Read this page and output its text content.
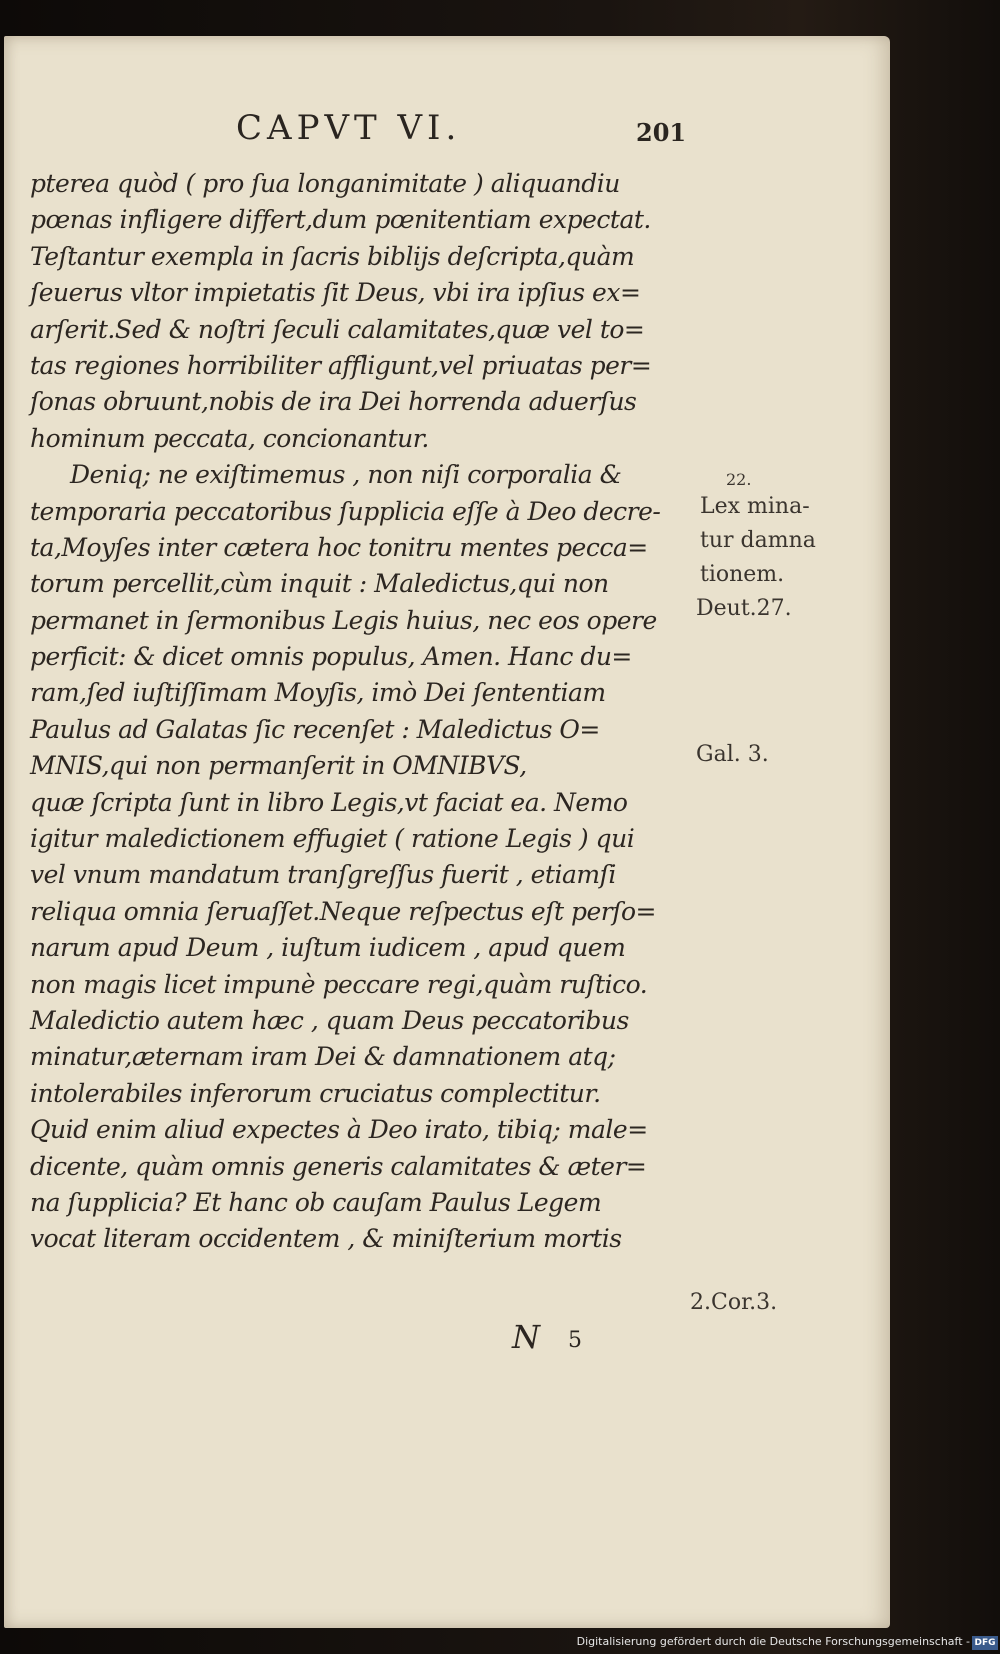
CAPVT VI.	201
pterea quòd ( pro ſua longanimitate ) aliquandiu
pœnas infligere differt,dum pœnitentiam expectat.
Teſtantur exempla in ſacris biblijs deſcripta,quàm
ſeuerus vltor impietatis ſit Deus, vbi ira ipſius ex=
arſerit.Sed & noſtri ſeculi calamitates,quæ vel to=
tas regiones horribiliter affligunt,vel priuatas per=
ſonas obruunt,nobis de ira Dei horrenda aduerſus
hominum peccata, concionantur.
Deniq; ne exiſtimemus , non niſi corporalia &
temporaria peccatoribus ſupplicia eſſe à Deo decre-
ta,Moyſes inter cætera hoc tonitru mentes pecca=
torum percellit,cùm inquit : Maledictus,qui non
permanet in ſermonibus Legis huius, nec eos opere
perficit: & dicet omnis populus, Amen. Hanc du=
ram,ſed iuſtiſſimam Moyſis, imò Dei ſententiam
Paulus ad Galatas ſic recenſet : Maledictus O=
MNIS,qui non permanſerit in OMNIBVS,
quæ ſcripta ſunt in libro Legis,vt faciat ea. Nemo
igitur maledictionem effugiet ( ratione Legis ) qui
vel vnum mandatum tranſgreſſus fuerit , etiamſi
reliqua omnia ſeruaſſet.Neque reſpectus eſt perſo=
narum apud Deum , iuſtum iudicem , apud quem
non magis licet impunè peccare regi,quàm ruſtico.
Maledictio autem hæc , quam Deus peccatoribus
minatur,æternam iram Dei & damnationem atq;
intolerabiles inferorum cruciatus complectitur.
Quid enim aliud expectes à Deo irato, tibiq; male=
dicente, quàm omnis generis calamitates & æter=
na ſupplicia? Et hanc ob cauſam Paulus Legem
vocat literam occidentem , & miniſterium mortis
22.
Lex mina-
tur damna
tionem.
Deut.27.
Gal. 3.
2.Cor.3.
N 5
Digitalisierung gefördert durch die Deutsche Forschungsgemeinschaft - DFG
